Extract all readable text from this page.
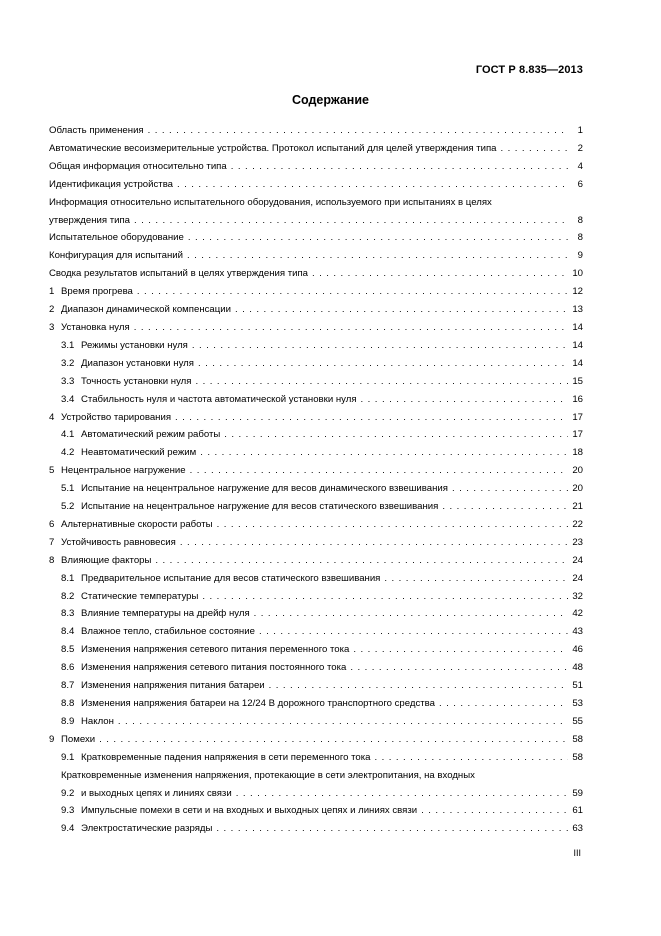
ГОСТ Р 8.835—2013
Содержание
Область применения . . .	1
Автоматические весоизмерительные устройства. Протокол испытаний для целей утверждения типа . . .	2
Общая информация относительно типа . . .	4
Идентификация устройства . . .	6
Информация относительно испытательного оборудования, используемого при испытаниях в целях
утверждения типа . . .	8
Испытательное оборудование . . .	8
Конфигурация для испытаний . . .	9
Сводка результатов испытаний в целях утверждения типа . . .	10
1 Время прогрева . . .	12
2 Диапазон динамической компенсации . . .	13
3 Установка нуля . . .	14
3.1 Режимы установки нуля . . .	14
3.2 Диапазон установки нуля . . .	14
3.3 Точность установки нуля . . .	15
3.4 Стабильность нуля и частота автоматической установки нуля . . .	16
4 Устройство тарирования . . .	17
4.1 Автоматический режим работы . . .	17
4.2 Неавтоматический режим . . .	18
5 Нецентральное нагружение . . .	20
5.1 Испытание на нецентральное нагружение для весов динамического взвешивания . . .	20
5.2 Испытание на нецентральное нагружение для весов статического взвешивания . . .	21
6 Альтернативные скорости работы . . .	22
7 Устойчивость равновесия . . .	23
8 Влияющие факторы . . .	24
8.1 Предварительное испытание для весов статического взвешивания . . .	24
8.2 Статические температуры . . .	32
8.3 Влияние температуры на дрейф нуля . . .	42
8.4 Влажное тепло, стабильное состояние . . .	43
8.5 Изменения напряжения сетевого питания переменного тока . . .	46
8.6 Изменения напряжения сетевого питания постоянного тока . . .	48
8.7 Изменения напряжения питания батареи . . .	51
8.8 Изменения напряжения батареи на 12/24 В дорожного транспортного средства . . .	53
8.9 Наклон . . .	55
9 Помехи . . .	58
9.1 Кратковременные падения напряжения в сети переменного тока . . .	58
Кратковременные изменения напряжения, протекающие в сети электропитания, на входных
9.2 и выходных цепях и линиях связи . . .	59
9.3 Импульсные помехи в сети и на входных и выходных цепях и линиях связи . . .	61
9.4 Электростатические разряды . . .	63
III
